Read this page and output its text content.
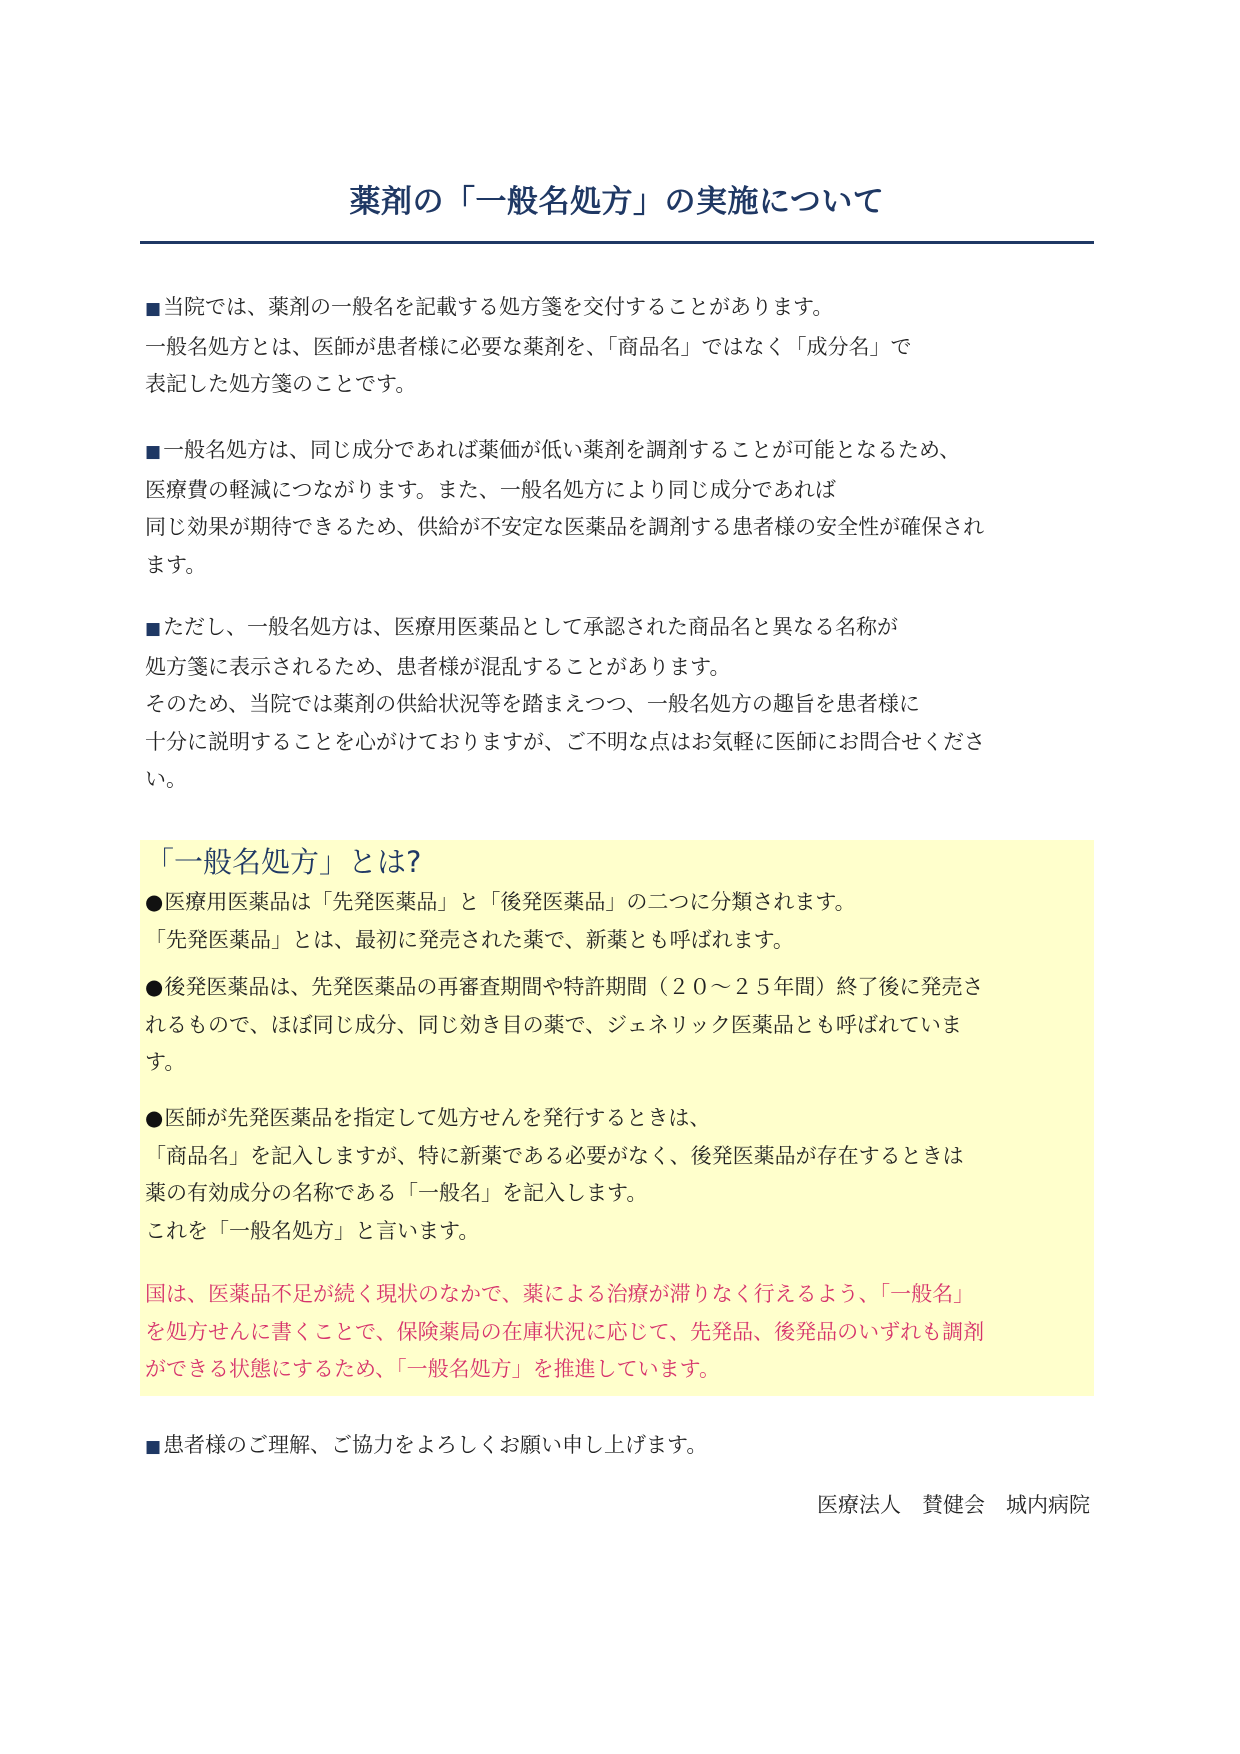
薬剤の「一般名処方」の実施について

■当院では、薬剤の一般名を記載する処方箋を交付することがあります。

一般名処方とは、医師が患者様に必要な薬剤を、「商品名」ではなく「成分名」で

表記した処方箋のことです。

■一般名処方は、同じ成分であれば薬価が低い薬剤を調剤することが可能となるため、

医療費の軽減につながります。また、一般名処方により同じ成分であれば

同じ効果が期待できるため、供給が不安定な医薬品を調剤する患者様の安全性が確保され

ます。

■ただし、一般名処方は、医療用医薬品として承認された商品名と異なる名称が

処方箋に表示されるため、患者様が混乱することがあります。

そのため、当院では薬剤の供給状況等を踏まえつつ、一般名処方の趣旨を患者様に

十分に説明することを心がけておりますが、ご不明な点はお気軽に医師にお問合せくださ

い。

「一般名処方」とは?

●医療用医薬品は「先発医薬品」と「後発医薬品」の二つに分類されます。

「先発医薬品」とは、最初に発売された薬で、新薬とも呼ばれます。

●後発医薬品は、先発医薬品の再審査期間や特許期間（２０～２５年間）終了後に発売さ

れるもので、ほぼ同じ成分、同じ効き目の薬で、ジェネリック医薬品とも呼ばれていま

す。

●医師が先発医薬品を指定して処方せんを発行するときは、

「商品名」を記入しますが、特に新薬である必要がなく、後発医薬品が存在するときは

薬の有効成分の名称である「一般名」を記入します。

これを「一般名処方」と言います。

国は、医薬品不足が続く現状のなかで、薬による治療が滞りなく行えるよう、「一般名」

を処方せんに書くことで、保険薬局の在庫状況に応じて、先発品、後発品のいずれも調剤

ができる状態にするため、「一般名処方」を推進しています。

■患者様のご理解、ご協力をよろしくお願い申し上げます。

医療法人　賛健会　城内病院
